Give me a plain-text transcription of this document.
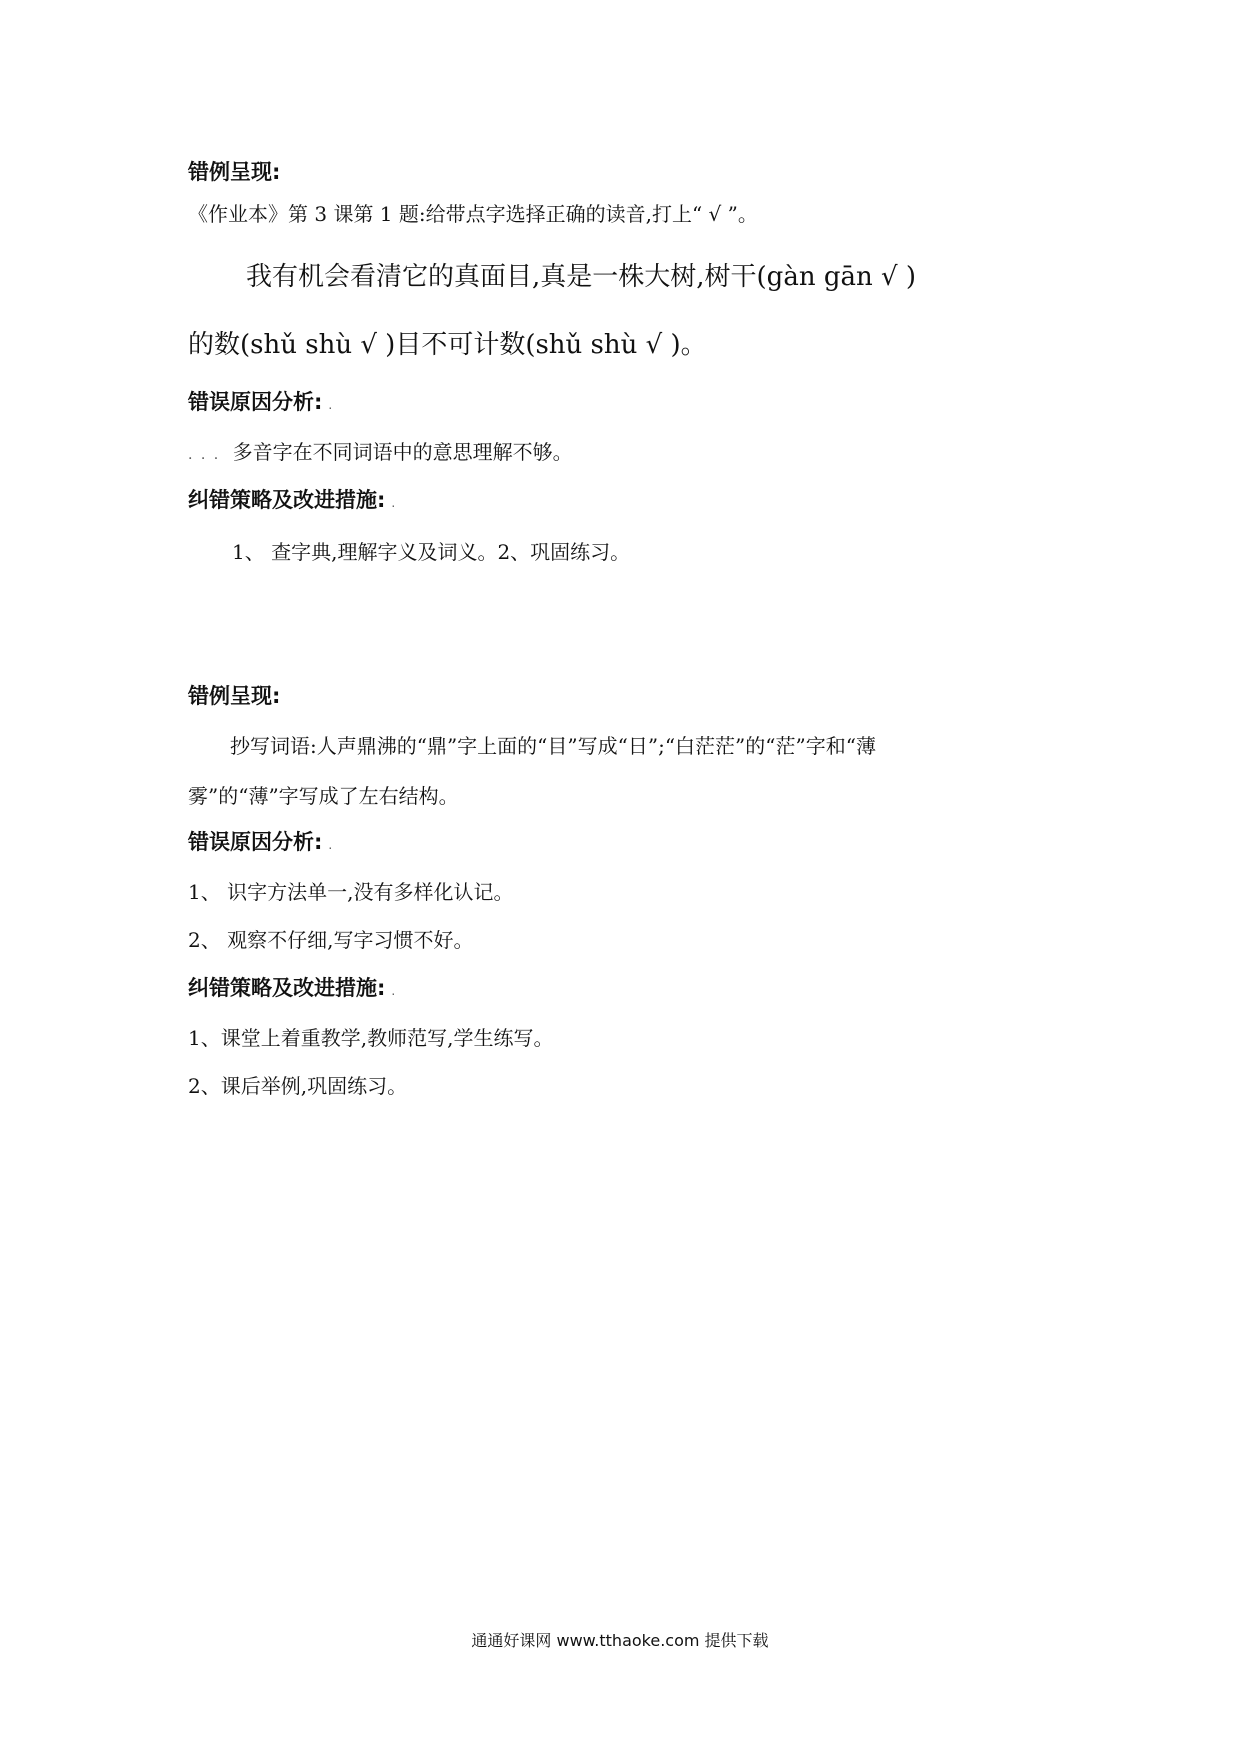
错例呈现:
《作业本》第 3 课第 1 题:给带点字选择正确的读音,打上“ √ ”。
我有机会看清它的真面目,真是一株大树,树干(gàn gān √ )
的数(shǔ shù √ )目不可计数(shǔ shù √ )。
错误原因分析: .
. . . 多音字在不同词语中的意思理解不够。
纠错策略及改进措施: .
1、 查字典,理解字义及词义。2、巩固练习。
错例呈现:
抄写词语:人声鼎沸的“鼎”字上面的“目”写成“日”;“白茫茫”的“茫”字和“薄
雾”的“薄”字写成了左右结构。
错误原因分析: .
1、 识字方法单一,没有多样化认记。
2、 观察不仔细,写字习惯不好。
纠错策略及改进措施: .
1、课堂上着重教学,教师范写,学生练写。
2、课后举例,巩固练习。
通通好课网 www.tthaoke.com 提供下载
